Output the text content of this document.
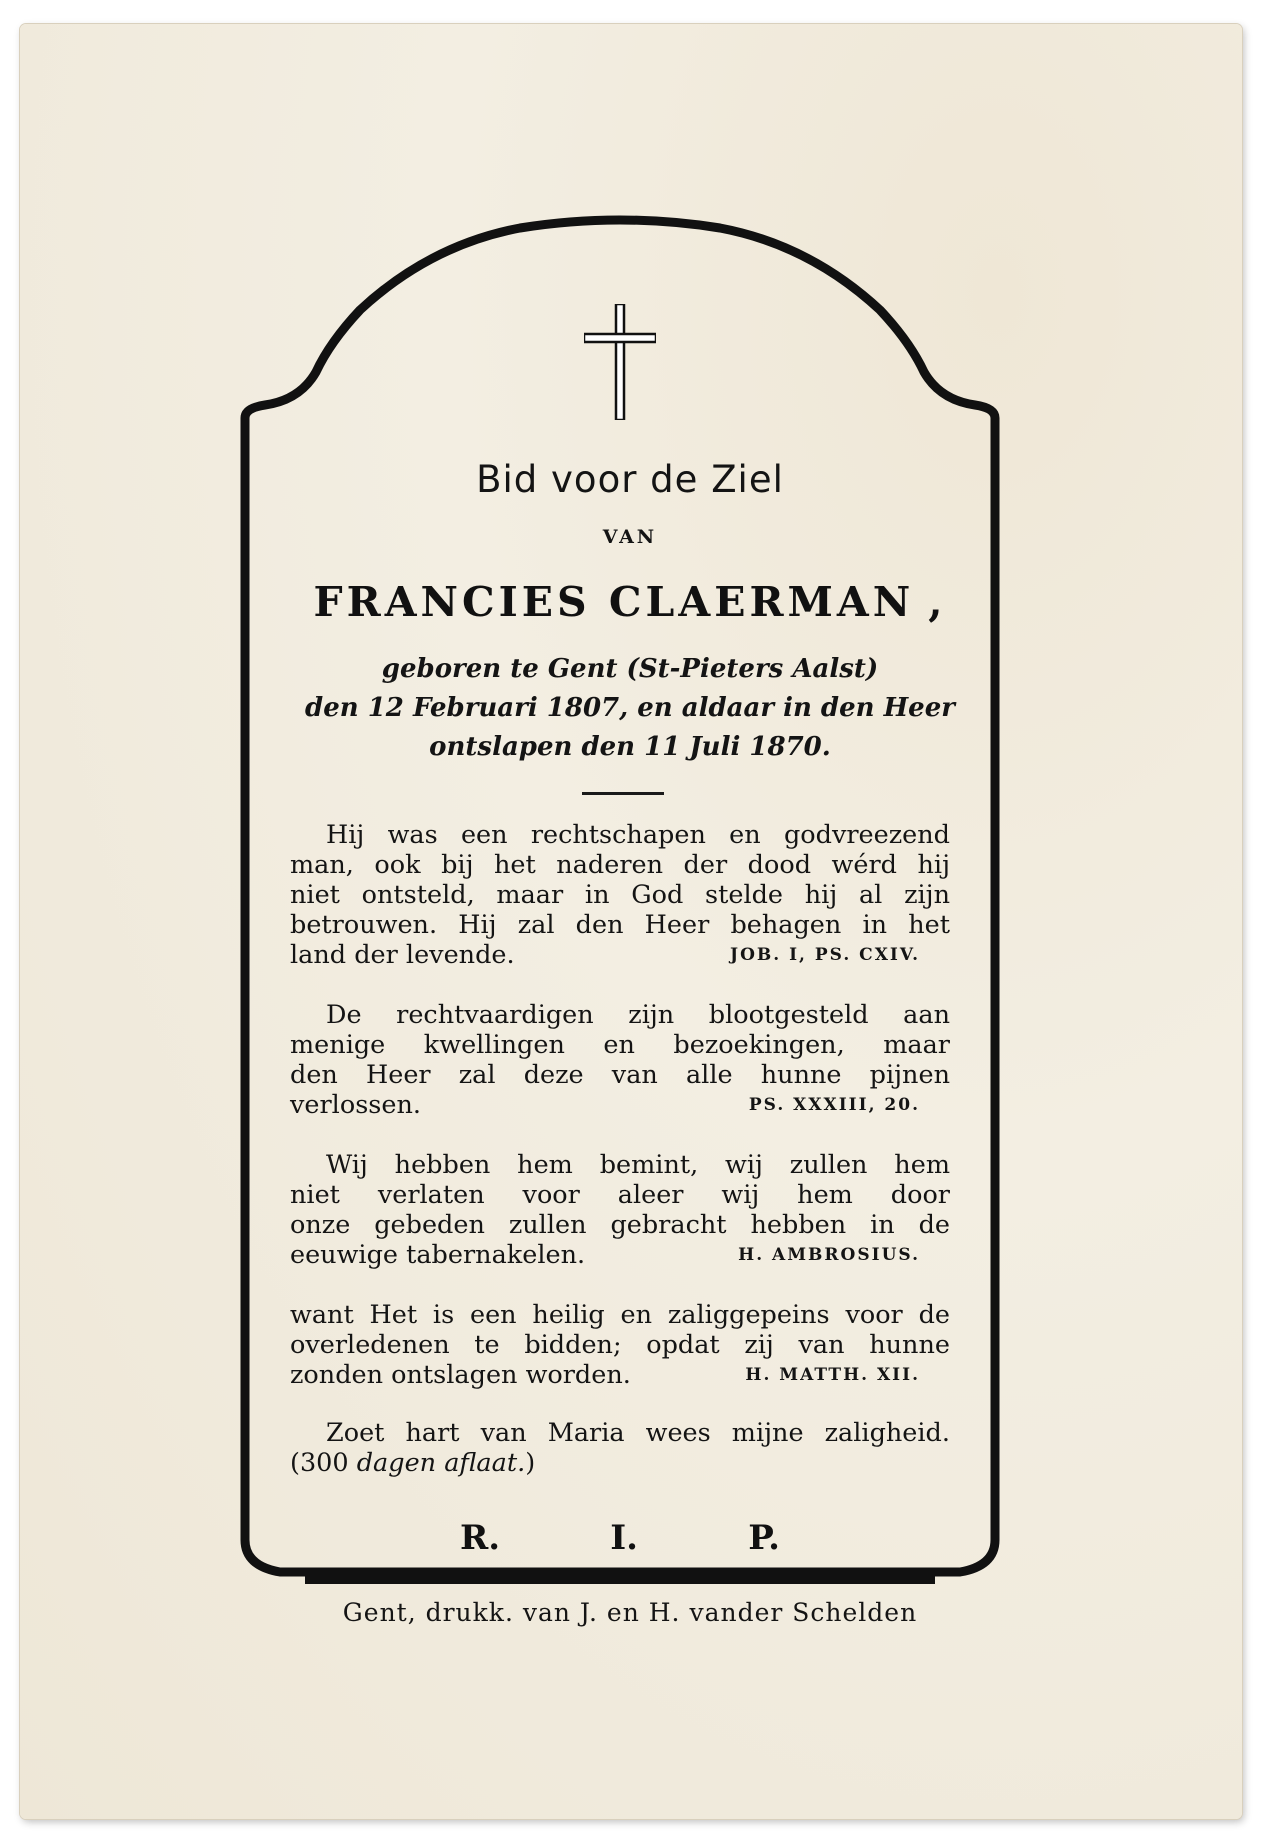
Bid voor de Ziel
VAN
FRANCIES CLAERMAN ,
geboren te Gent (St-Pieters Aalst)
den 12 Februari 1807, en aldaar in den Heer
ontslapen den 11 Juli 1870.
Hij was een rechtschapen en godvreezend
man, ook bij het naderen der dood wérd hij
niet ontsteld, maar in God stelde hij al zijn
betrouwen. Hij zal den Heer behagen in het
land der levende.	JOB. I, PS. CXIV.
De rechtvaardigen zijn blootgesteld aan
menige kwellingen en bezoekingen, maar
den Heer zal deze van alle hunne pijnen
verlossen.	PS. XXXIII, 20.
Wij hebben hem bemint, wij zullen hem
niet verlaten voor aleer wij hem door
onze gebeden zullen gebracht hebben in de
eeuwige tabernakelen.	H. AMBROSIUS.
want Het is een heilig en zaliggepeins voor de
overledenen te bidden; opdat zij van hunne
zonden ontslagen worden.	H. MATTH. XII.
Zoet hart van Maria wees mijne zaligheid.
(300 dagen aflaat.)
R.	I.	P.
Gent, drukk. van J. en H. vander Schelden
